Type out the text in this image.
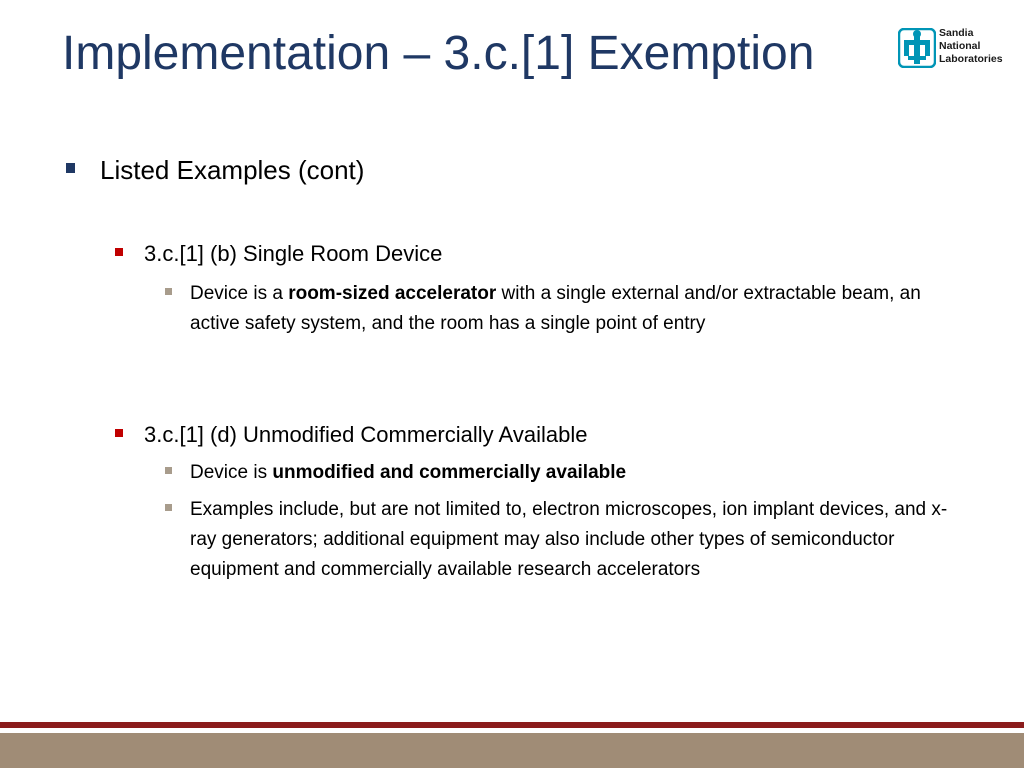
Implementation – 3.c.[1] Exemption	Sandia
National
Laboratories
Listed Examples (cont)
3.c.[1] (b) Single Room Device
Device is a room-sized accelerator with a single external and/or extractable beam, an active safety system, and the room has a single point of entry
3.c.[1] (d) Unmodified Commercially Available
Device is unmodified and commercially available
Examples include, but are not limited to, electron microscopes, ion implant devices, and x-ray generators; additional equipment may also include other types of semiconductor equipment and commercially available research accelerators
